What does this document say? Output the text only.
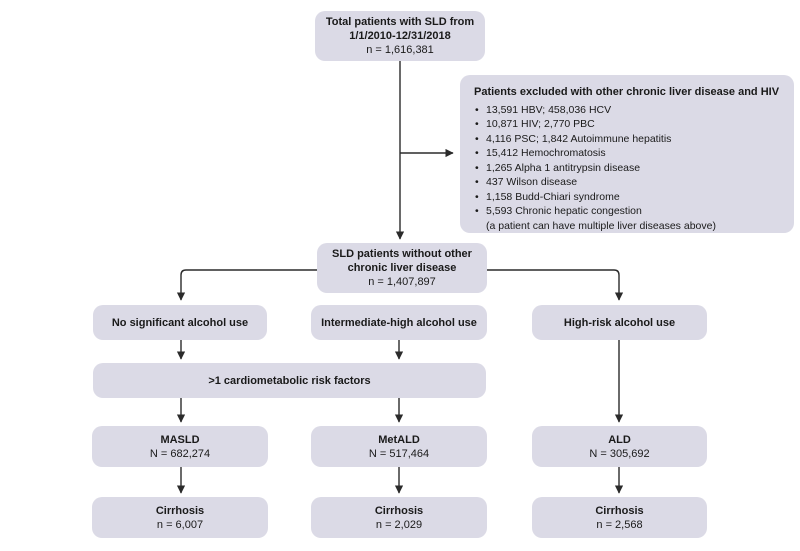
Total patients with SLD from
1/1/2010-12/31/2018
n = 1,616,381
Patients excluded with other chronic liver disease and HIV
• 13,591 HBV; 458,036 HCV
• 10,871 HIV; 2,770 PBC
• 4,116 PSC; 1,842 Autoimmune hepatitis
• 15,412 Hemochromatosis
• 1,265 Alpha 1 antitrypsin disease
• 437 Wilson disease
• 1,158 Budd-Chiari syndrome
• 5,593 Chronic hepatic congestion
(a patient can have multiple liver diseases above)
SLD patients without other
chronic liver disease
n = 1,407,897
No significant alcohol use	Intermediate-high alcohol use	High-risk alcohol use
>1 cardiometabolic risk factors
MASLD
N = 682,274
MetALD
N = 517,464
ALD
N = 305,692
Cirrhosis
n = 6,007
Cirrhosis
n = 2,029
Cirrhosis
n = 2,568
